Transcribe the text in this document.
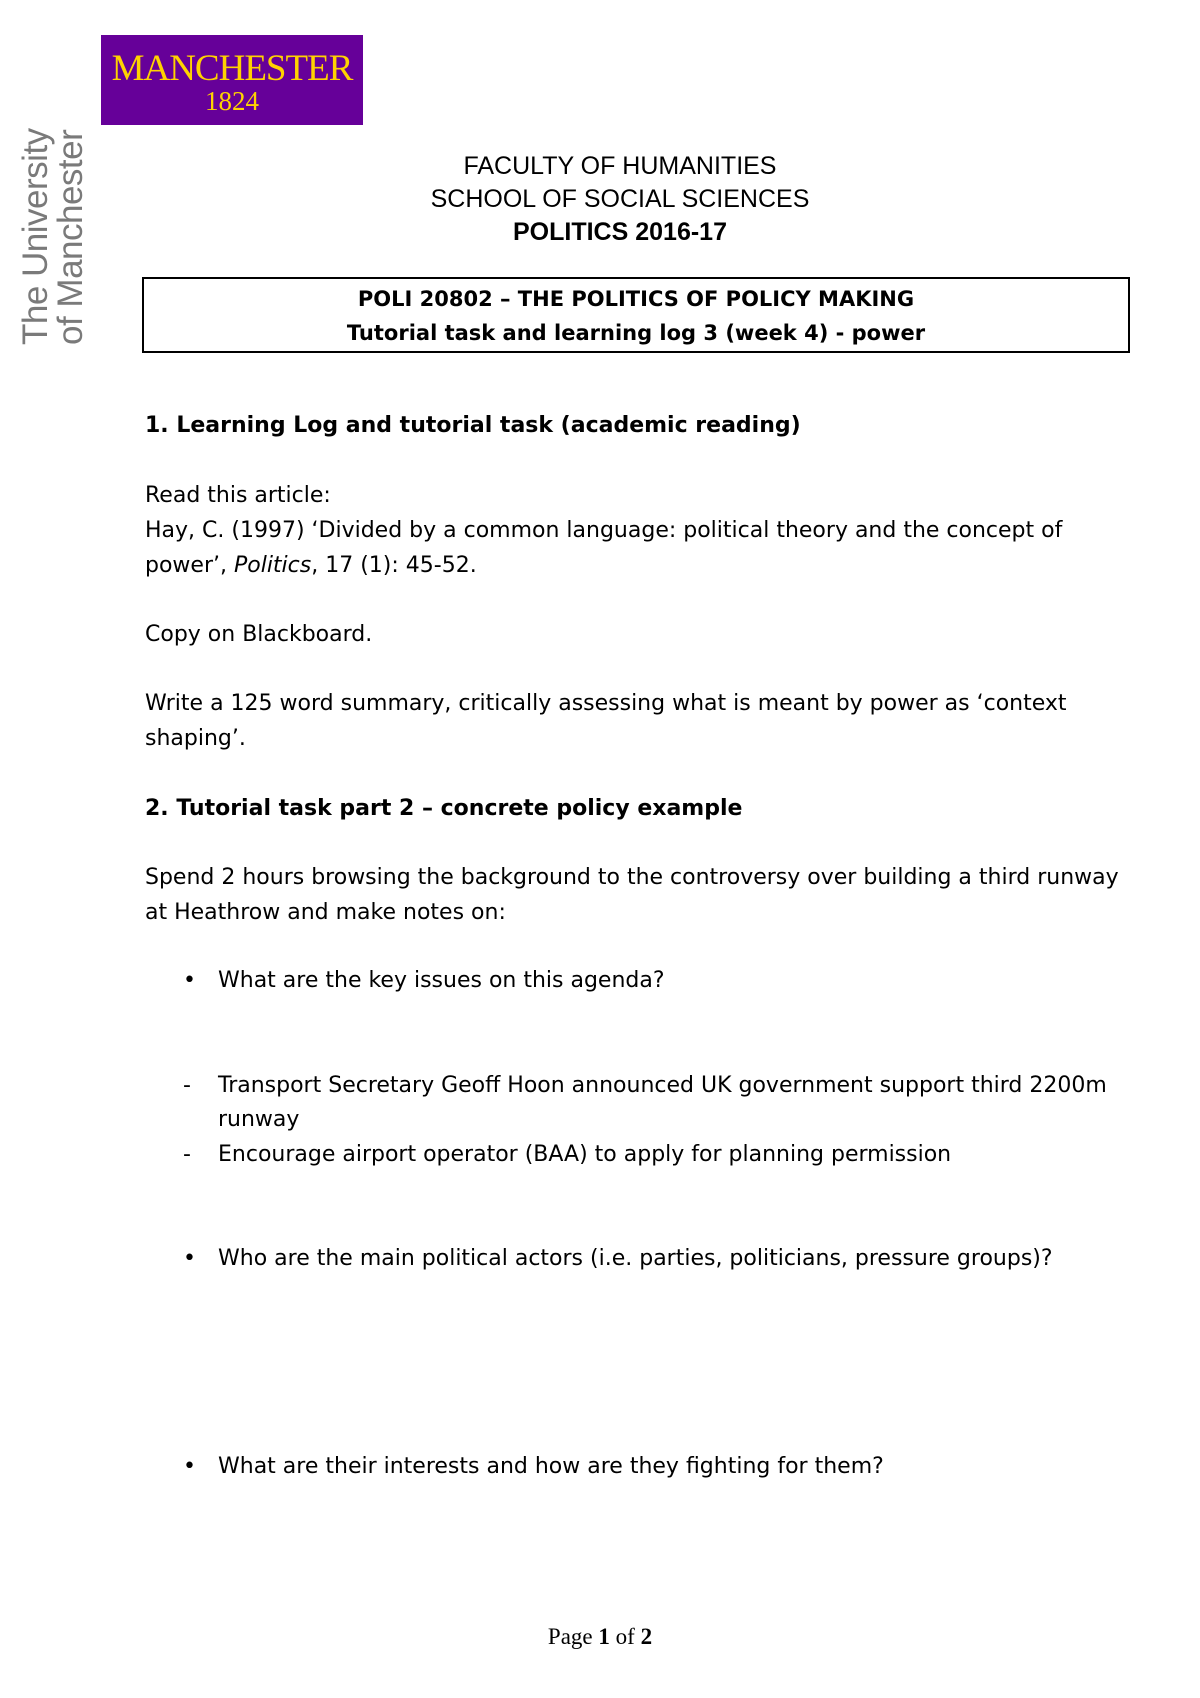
MANCHESTER
1824
The University
of Manchester	FACULTY OF HUMANITIES
SCHOOL OF SOCIAL SCIENCES
POLITICS 2016-17
POLI 20802 – THE POLITICS OF POLICY MAKING
Tutorial task and learning log 3 (week 4) - power
1. Learning Log and tutorial task (academic reading)
Read this article:
Hay, C. (1997) ‘Divided by a common language: political theory and the concept of power’, Politics, 17 (1): 45-52.
Copy on Blackboard.
Write a 125 word summary, critically assessing what is meant by power as ‘context shaping’.
2. Tutorial task part 2 – concrete policy example
Spend 2 hours browsing the background to the controversy over building a third runway at Heathrow and make notes on:
• What are the key issues on this agenda?
- Transport Secretary Geoff Hoon announced UK government support third 2200m runway
- Encourage airport operator (BAA) to apply for planning permission
• Who are the main political actors (i.e. parties, politicians, pressure groups)?
• What are their interests and how are they fighting for them?
Page 1 of 2
